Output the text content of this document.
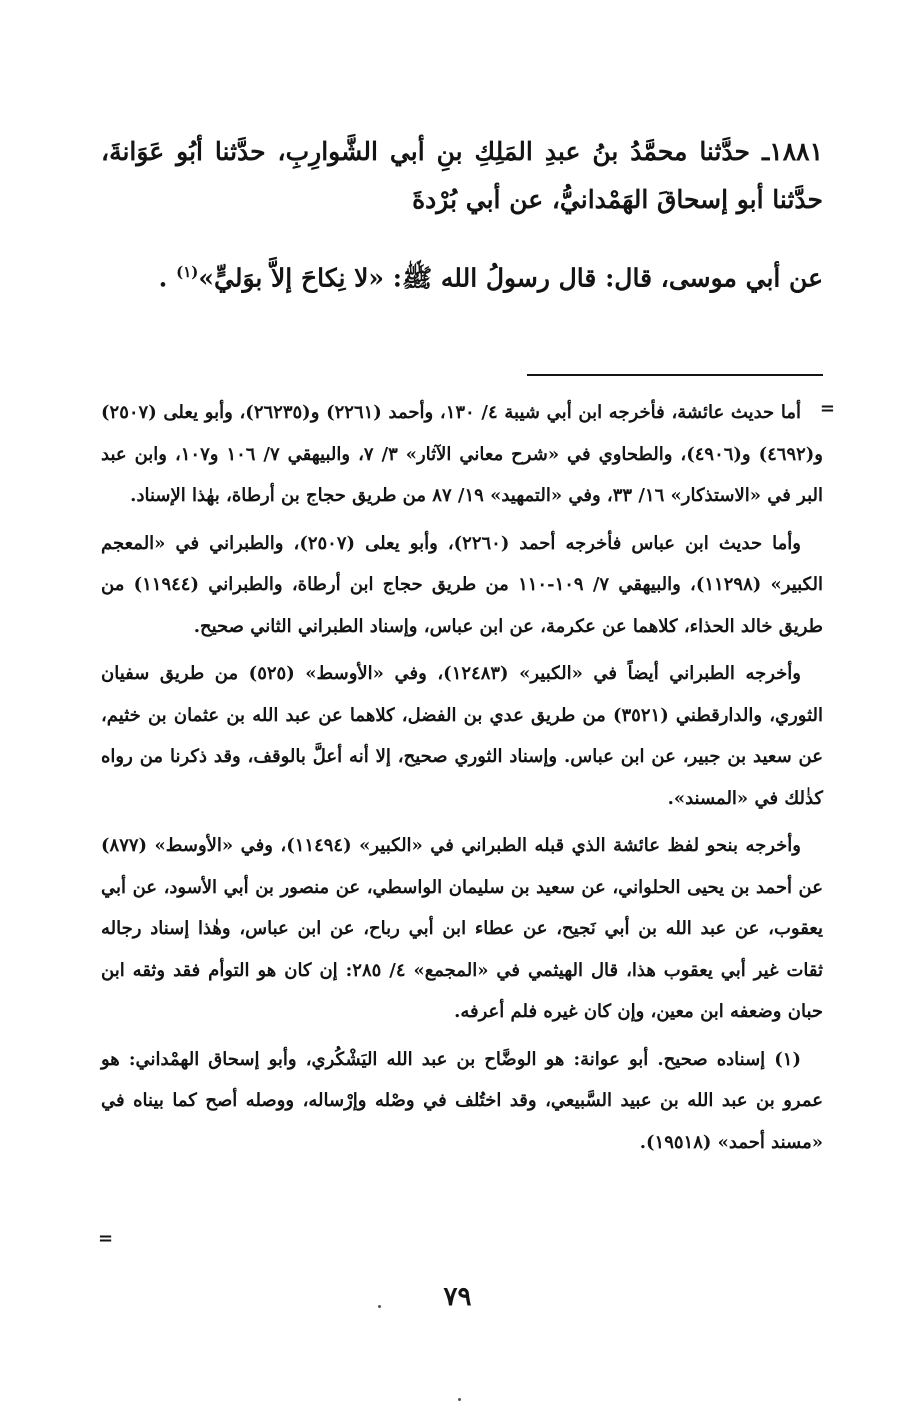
١٨٨١ـ حدَّثنا محمَّدُ بنُ عبدِ المَلِكِ بنِ أبي الشَّوارِبِ، حدَّثنا أبُو عَوَانةَ، حدَّثنا أبو إسحاقَ الهَمْدانيُّ، عن أبي بُرْدةَ

عن أبي موسى، قال: قال رسولُ الله ﷺ: «لا نِكاحَ إلاَّ بوَليٍّ»$^{(١)}$ .

=

أما حديث عائشة، فأخرجه ابن أبي شيبة ٤/ ١٣٠، وأحمد (٢٢٦١) و(٢٦٢٣٥)، وأبو يعلى (٢٥٠٧) و(٤٦٩٢) و(٤٩٠٦)، والطحاوي في «شرح معاني الآثار» ٣/ ٧، والبيهقي ٧/ ١٠٦ و١٠٧، وابن عبد البر في «الاستذكار» ١٦/ ٣٣، وفي «التمهيد» ١٩/ ٨٧ من طريق حجاج بن أرطاة، بهٰذا الإسناد.

وأما حديث ابن عباس فأخرجه أحمد (٢٢٦٠)، وأبو يعلى (٢٥٠٧)، والطبراني في «المعجم الكبير» (١١٢٩٨)، والبيهقي ٧/ ١٠٩-١١٠ من طريق حجاج ابن أرطاة، والطبراني (١١٩٤٤) من طريق خالد الحذاء، كلاهما عن عكرمة، عن ابن عباس، وإسناد الطبراني الثاني صحيح.

وأخرجه الطبراني أيضاً في «الكبير» (١٢٤٨٣)، وفي «الأوسط» (٥٢٥) من طريق سفيان الثوري، والدارقطني (٣٥٢١) من طريق عدي بن الفضل، كلاهما عن عبد الله بن عثمان بن خثيم، عن سعيد بن جبير، عن ابن عباس. وإسناد الثوري صحيح، إلا أنه أعلَّ بالوقف، وقد ذكرنا من رواه كذٰلك في «المسند».

وأخرجه بنحو لفظ عائشة الذي قبله الطبراني في «الكبير» (١١٤٩٤)، وفي «الأوسط» (٨٧٧) عن أحمد بن يحيى الحلواني، عن سعيد بن سليمان الواسطي، عن منصور بن أبي الأسود، عن أبي يعقوب، عن عبد الله بن أبي نَجيح، عن عطاء ابن أبي رباح، عن ابن عباس، وهٰذا إسناد رجاله ثقات غير أبي يعقوب هذا، قال الهيثمي في «المجمع» ٤/ ٢٨٥: إن كان هو التوأم فقد وثقه ابن حبان وضعفه ابن معين، وإن كان غيره فلم أعرفه.

(١) إسناده صحيح. أبو عوانة: هو الوضَّاح بن عبد الله اليَشْكُري، وأبو إسحاق الهمْداني: هو عمرو بن عبد الله بن عبيد السَّبيعي، وقد اختُلف في وصْله وإرْساله، ووصله أصح كما بيناه في «مسند أحمد» (١٩٥١٨).

=
٧٩
